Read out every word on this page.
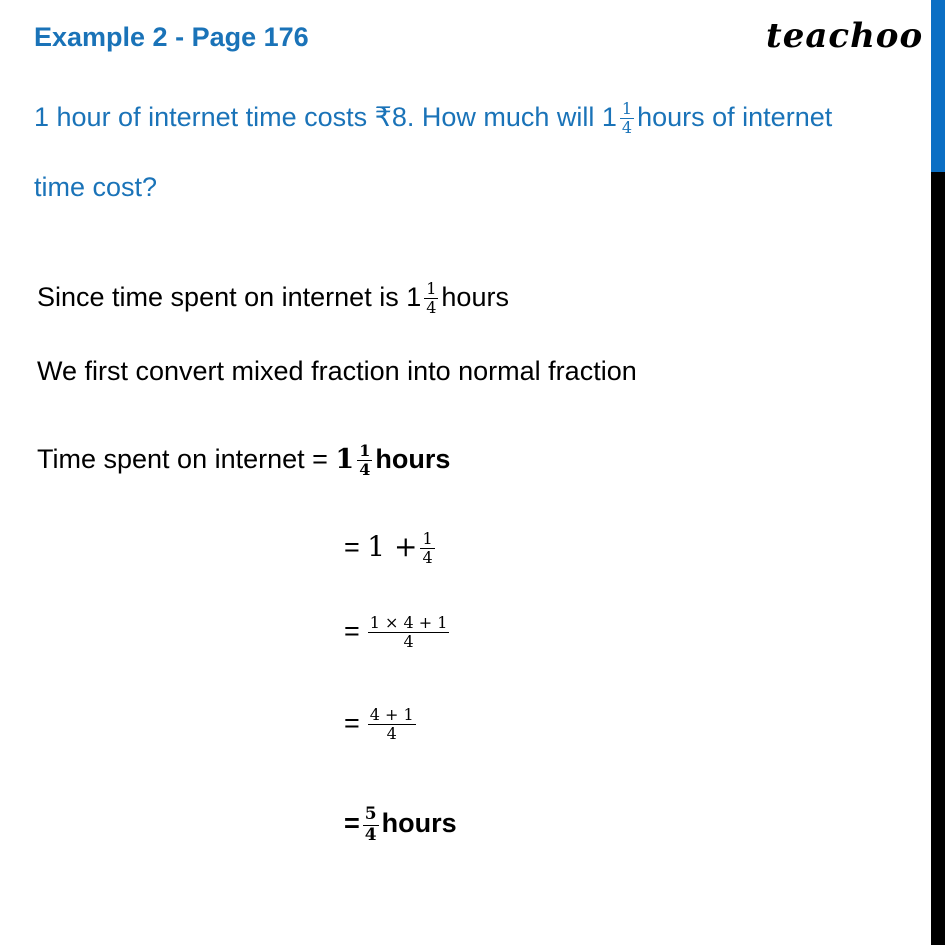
Example 2 - Page 176	teachoo
1 hour of internet time costs ₹8. How much will $1 \frac{1}{4}$ hours of internet
time cost?
Since time spent on internet is $1 \frac{1}{4}$ hours
We first convert mixed fraction into normal fraction
Time spent on internet = $1 \frac{1}{4}$ hours
= $1 + \frac{1}{4}$
= $\frac{1 \times 4 + 1}{4}$
= $\frac{4 + 1}{4}$
= $\frac{5}{4}$ hours
